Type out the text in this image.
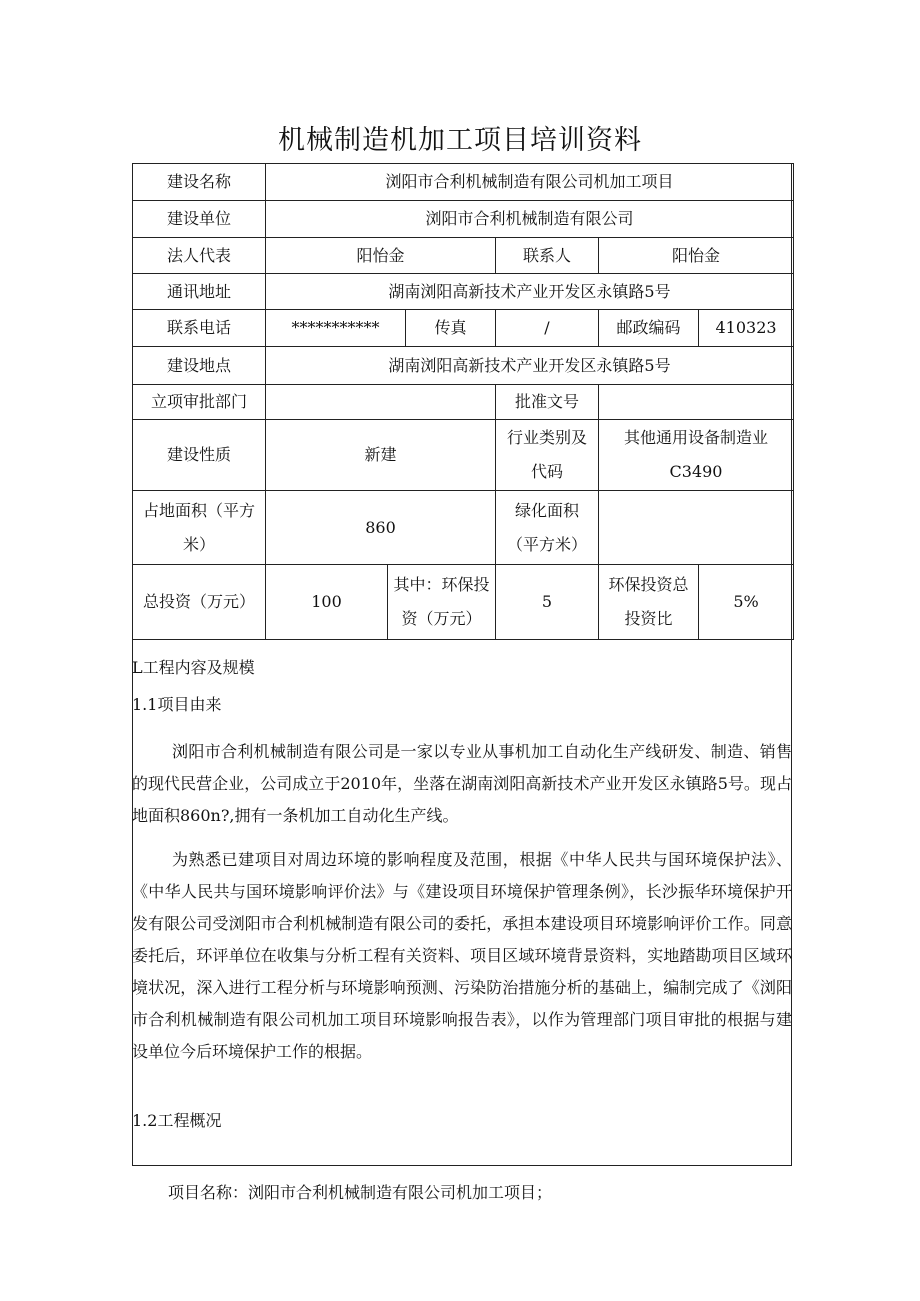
机械制造机加工项目培训资料
建设名称	浏阳市合利机械制造有限公司机加工项目					
建设单位	浏阳市合利机械制造有限公司					
法人代表	阳怡金			联系人	阳怡金	
通讯地址	湖南浏阳高新技术产业开发区永镇路5号					
联系电话	***********		传真	/	邮政编码	410323
建设地点	湖南浏阳高新技术产业开发区永镇路5号					
立项审批部门				批准文号		
建设性质	新建			行业类别及代码	其他通用设备制造业C3490	
占地面积（平方米）	860			绿化面积（平方米）		
总投资（万元）	100	其中：环保投资（万元）		5	环保投资总投资比	5%
L工程内容及规模
1.1项目由来
浏阳市合利机械制造有限公司是一家以专业从事机加工自动化生产线研发、制造、销售的现代民营企业，公司成立于2010年，坐落在湖南浏阳高新技术产业开发区永镇路5号。现占地面积860n?,拥有一条机加工自动化生产线。
为熟悉已建项目对周边环境的影响程度及范围，根据《中华人民共与国环境保护法》、《中华人民共与国环境影响评价法》与《建设项目环境保护管理条例》，长沙振华环境保护开发有限公司受浏阳市合利机械制造有限公司的委托，承担本建设项目环境影响评价工作。同意委托后，环评单位在收集与分析工程有关资料、项目区域环境背景资料，实地踏勘项目区域环境状况，深入进行工程分析与环境影响预测、污染防治措施分析的基础上，编制完成了《浏阳市合利机械制造有限公司机加工项目环境影响报告表》，以作为管理部门项目审批的根据与建设单位今后环境保护工作的根据。
1.2工程概况
项目名称：浏阳市合利机械制造有限公司机加工项目；
